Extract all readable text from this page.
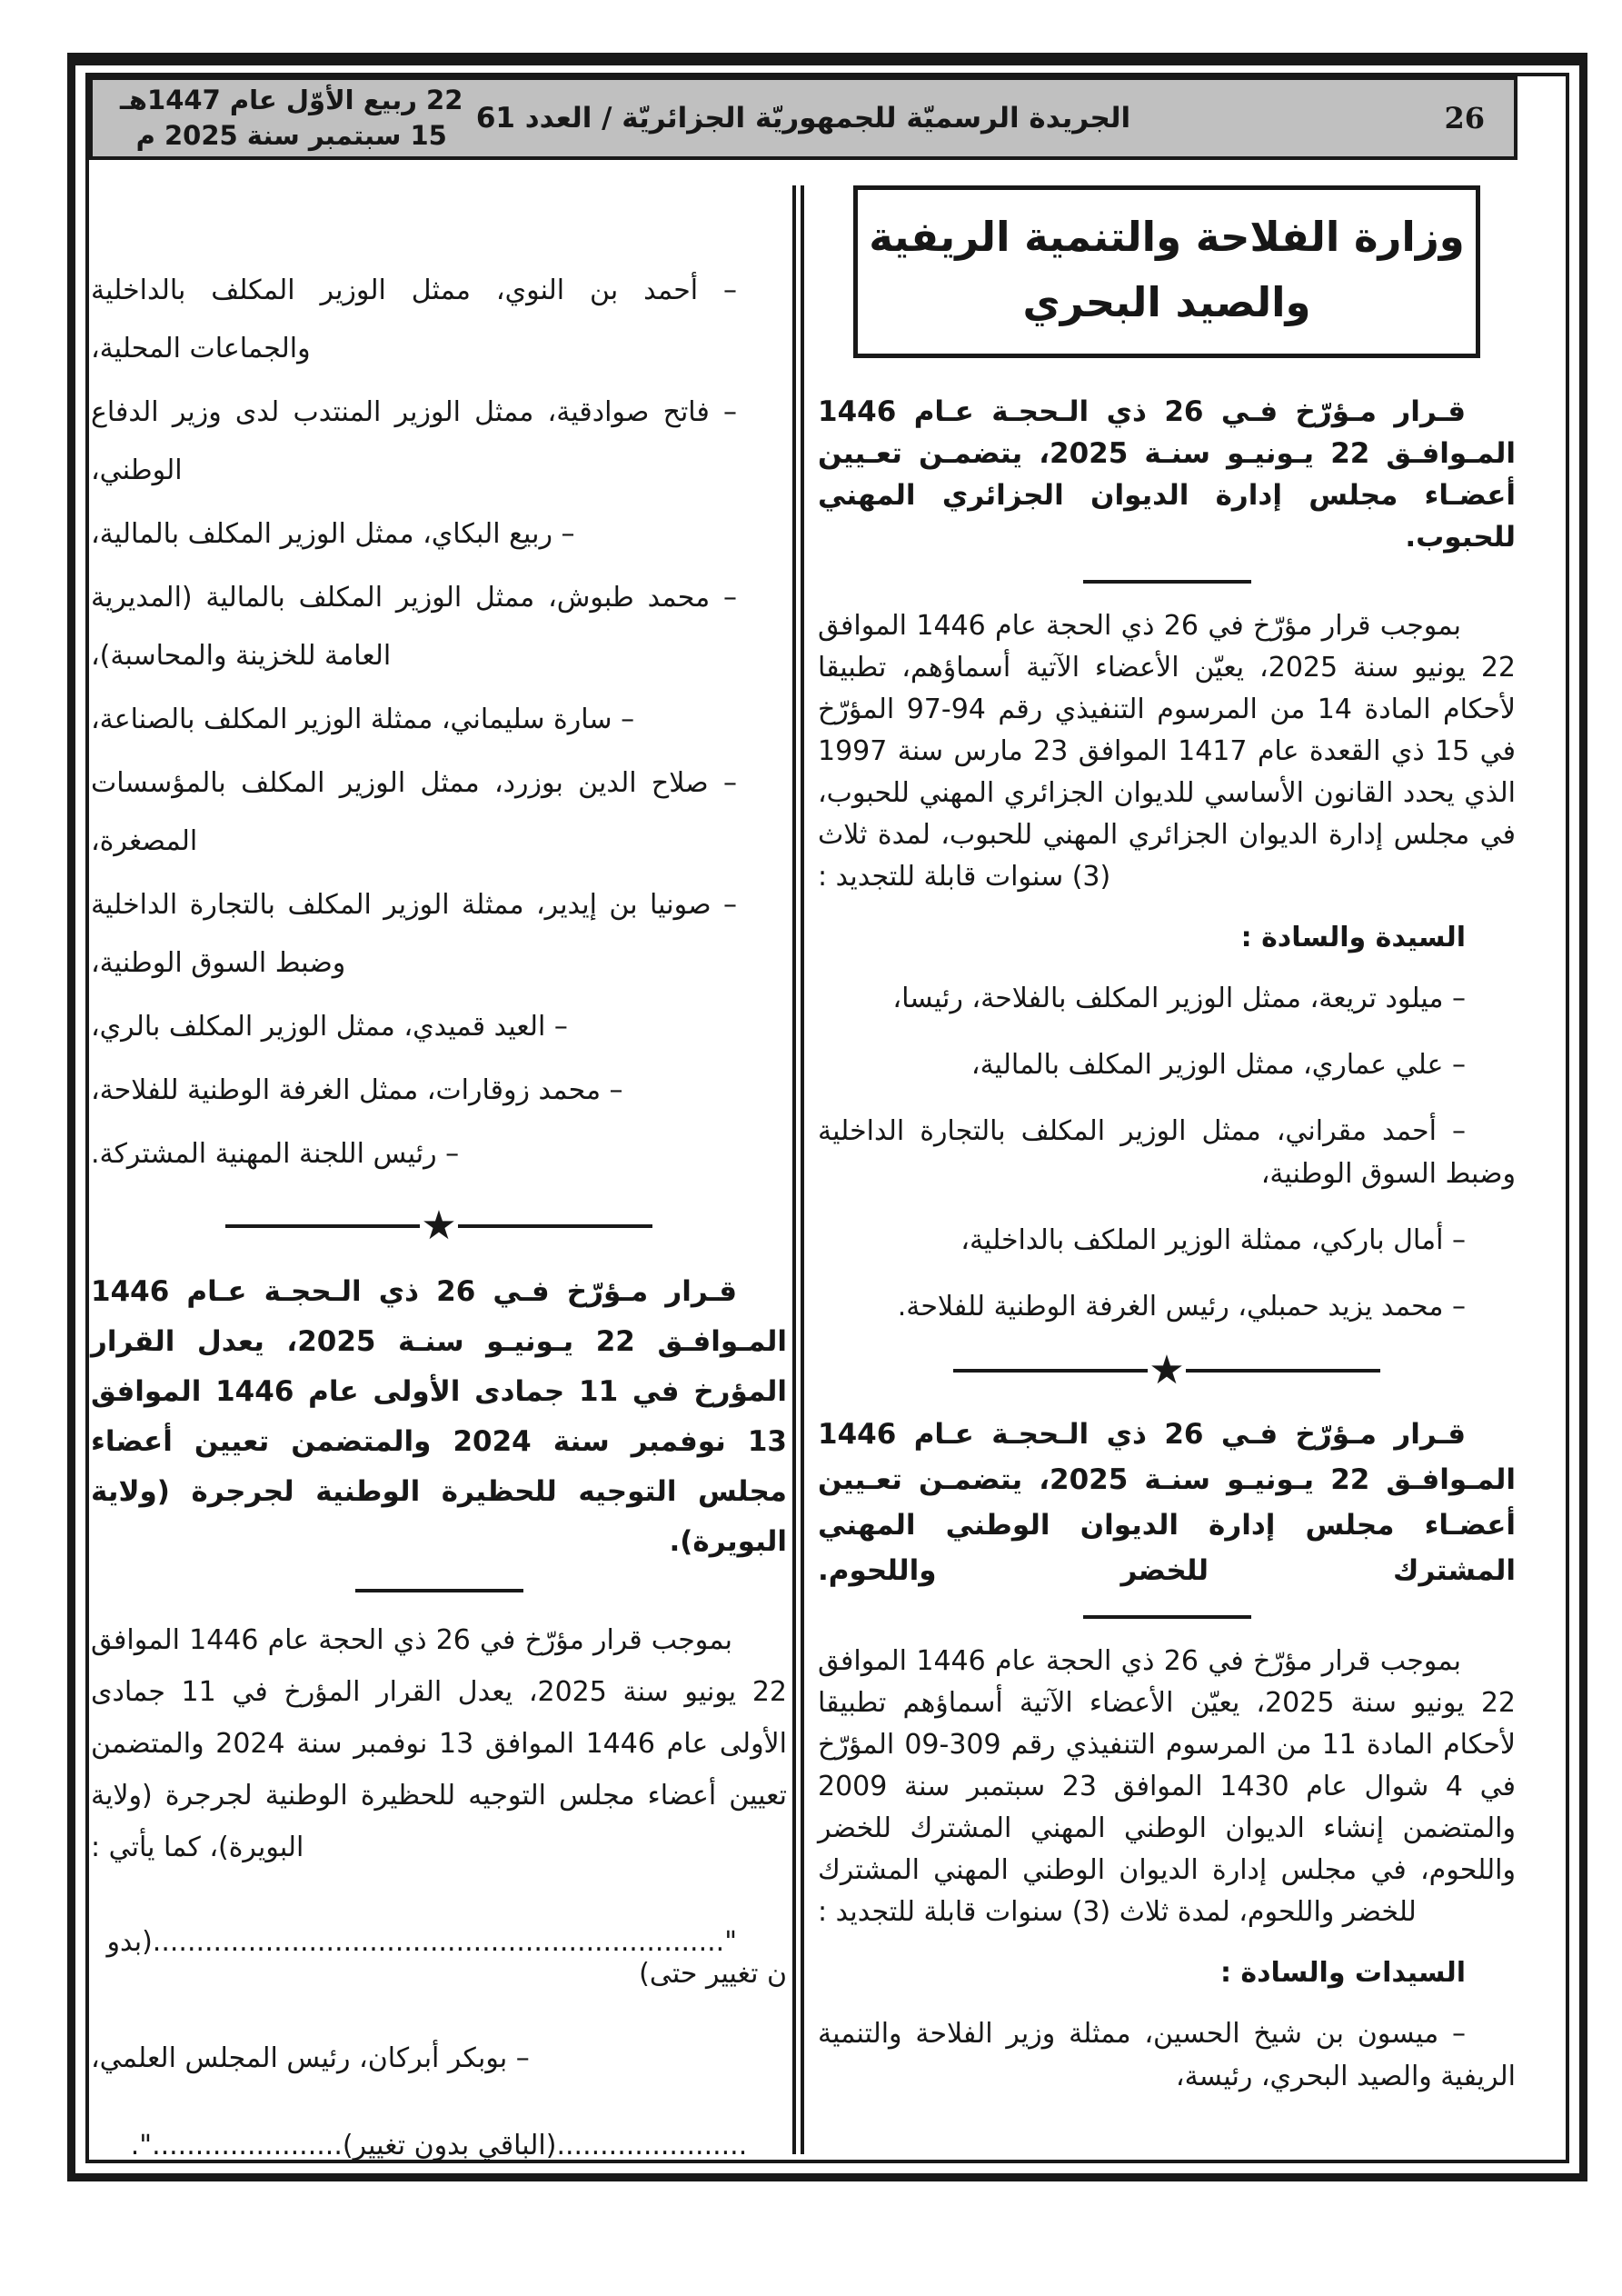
22 ربيع الأوّل عام 1447هـ
15 سبتمبر سنة 2025 م
الجريدة الرسميّة للجمهوريّة الجزائريّة / العدد 61	26

– أحمد بن النوي، ممثل الوزير المكلف بالداخلية والجماعات المحلية،

– فاتح صوادقية، ممثل الوزير المنتدب لدى وزير الدفاع الوطني،

– ربيع البكاي، ممثل الوزير المكلف بالمالية،

– محمد طبوش، ممثل الوزير المكلف بالمالية (المديرية العامة للخزينة والمحاسبة)،

– سارة سليماني، ممثلة الوزير المكلف بالصناعة،

– صلاح الدين بوزرد، ممثل الوزير المكلف بالمؤسسات المصغرة،

– صونيا بن إيدير، ممثلة الوزير المكلف بالتجارة الداخلية وضبط السوق الوطنية،

– العيد قميدي، ممثل الوزير المكلف بالري،

– محمد زوقارات، ممثل الغرفة الوطنية للفلاحة،

– رئيس اللجنة المهنية المشتركة.

★

قـرار مـؤرّخ فـي 26 ذي الـحجـة عـام 1446 المـوافـق 22 يـونيـو سنـة 2025، يعدل القرار المؤرخ في 11 جمادى الأولى عام 1446 الموافق 13 نوفمبر سنة 2024 والمتضمن تعيين أعضاء مجلس التوجيه للحظيرة الوطنية لجرجرة (ولاية البويرة).

بموجب قرار مؤرّخ في 26 ذي الحجة عام 1446 الموافق 22 يونيو سنة 2025، يعدل القرار المؤرخ في 11 جمادى الأولى عام 1446 الموافق 13 نوفمبر سنة 2024 والمتضمن تعيين أعضاء مجلس التوجيه للحظيرة الوطنية لجرجرة (ولاية البويرة)، كما يأتي :

"..................................................................(بدون تغيير حتى)

– بوبكر أبركان، رئيس المجلس العلمي،

......................(الباقي بدون تغيير)......................".

وزارة الفلاحة والتنمية الريفية
والصيد البحري

قـرار مـؤرّخ فـي 26 ذي الـحجـة عـام 1446 المـوافـق 22 يـونيـو سنـة 2025، يتضمـن تعـيين أعضـاء مجلس إدارة الديوان الجزائري المهني للحبوب.

بموجب قرار مؤرّخ في 26 ذي الحجة عام 1446 الموافق 22 يونيو سنة 2025، يعيّن الأعضاء الآتية أسماؤهم، تطبيقا لأحكام المادة 14 من المرسوم التنفيذي رقم 94-97 المؤرّخ في 15 ذي القعدة عام 1417 الموافق 23 مارس سنة 1997 الذي يحدد القانون الأساسي للديوان الجزائري المهني للحبوب، في مجلس إدارة الديوان الجزائري المهني للحبوب، لمدة ثلاث (3) سنوات قابلة للتجديد :

السيدة والسادة :

– ميلود تريعة، ممثل الوزير المكلف بالفلاحة، رئيسا،

– علي عماري، ممثل الوزير المكلف بالمالية،

– أحمد مقراني، ممثل الوزير المكلف بالتجارة الداخلية وضبط السوق الوطنية،

– أمال باركي، ممثلة الوزير الملكف بالداخلية،

– محمد يزيد حمبلي، رئيس الغرفة الوطنية للفلاحة.

★

قـرار مـؤرّخ فـي 26 ذي الـحجـة عـام 1446 المـوافـق 22 يـونيـو سنـة 2025، يتضمـن تعـيين أعضـاء مجلس إدارة الديوان الوطني المهني المشترك للخضر واللحوم.

بموجب قرار مؤرّخ في 26 ذي الحجة عام 1446 الموافق 22 يونيو سنة 2025، يعيّن الأعضاء الآتية أسماؤهم تطبيقا لأحكام المادة 11 من المرسوم التنفيذي رقم 309-09 المؤرّخ في 4 شوال عام 1430 الموافق 23 سبتمبر سنة 2009 والمتضمن إنشاء الديوان الوطني المهني المشترك للخضر واللحوم، في مجلس إدارة الديوان الوطني المهني المشترك للخضر واللحوم، لمدة ثلاث (3) سنوات قابلة للتجديد :

السيدات والسادة :

– ميسون بن شيخ الحسين، ممثلة وزير الفلاحة والتنمية الريفية والصيد البحري، رئيسة،
